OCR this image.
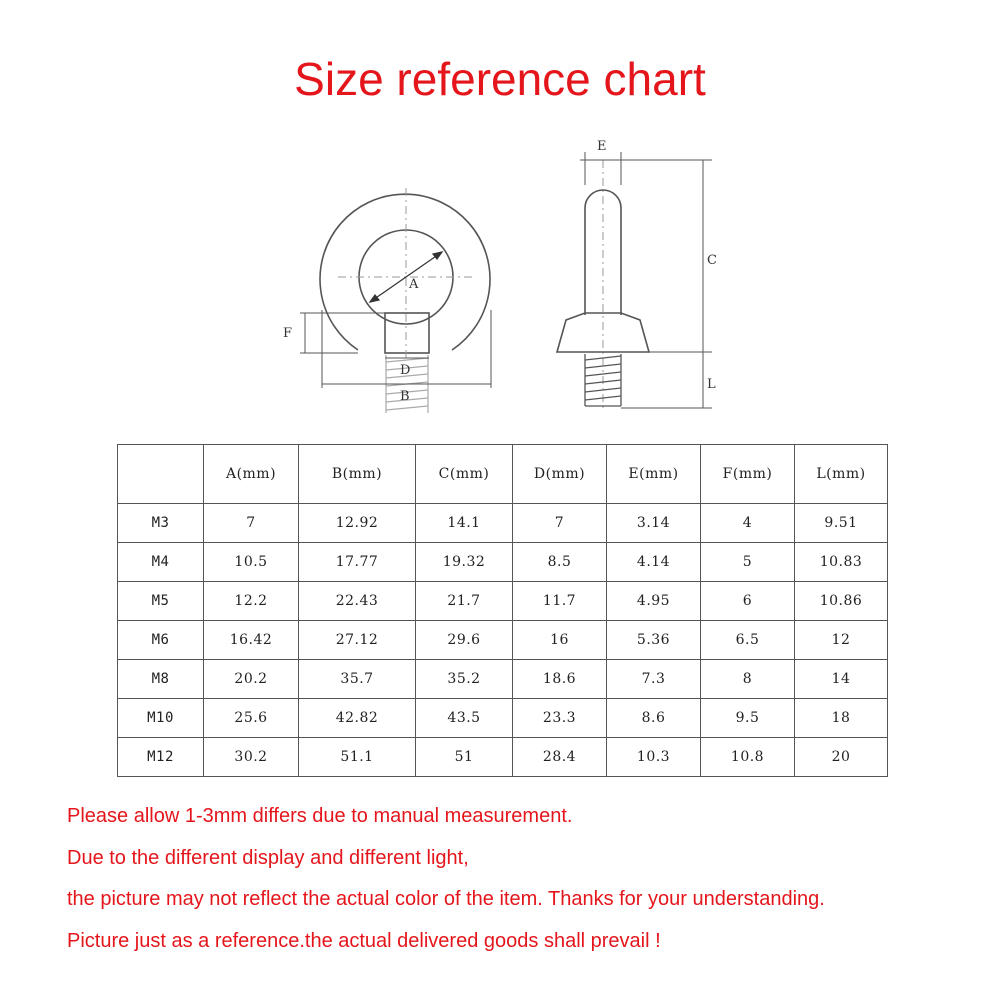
Size reference chart
A
F
D
B
E
C
L
	A(mm)	B(mm)	C(mm)	D(mm)	E(mm)	F(mm)	L(mm)
M3	7	12.92	14.1	7	3.14	4	9.51
M4	10.5	17.77	19.32	8.5	4.14	5	10.83
M5	12.2	22.43	21.7	11.7	4.95	6	10.86
M6	16.42	27.12	29.6	16	5.36	6.5	12
M8	20.2	35.7	35.2	18.6	7.3	8	14
M10	25.6	42.82	43.5	23.3	8.6	9.5	18
M12	30.2	51.1	51	28.4	10.3	10.8	20
Please allow 1-3mm differs due to manual measurement.
Due to the different display and different light,
the picture may not reflect the actual color of the item. Thanks for your understanding.
Picture just as a reference.the actual delivered goods shall prevail !
